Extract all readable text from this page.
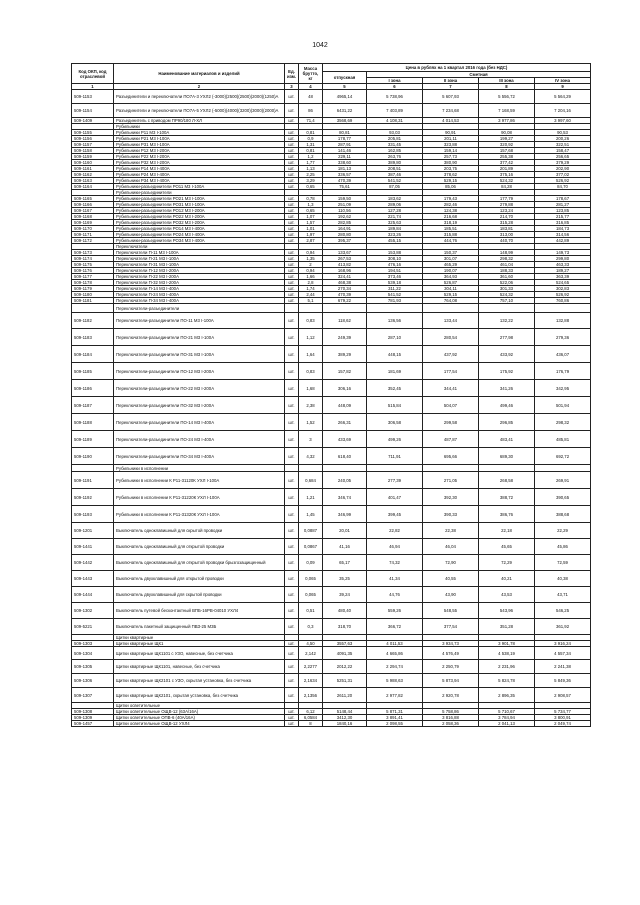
1042
Код ОКП, код отраслевой	Наименование материалов и изделий	Ед. изм.	Масса брутто, кг	Цена в рублях на 1 квартал 2016 года (без НДС)				
				отпускная	Сметная			
					I зона	II зона	III зона	IV зона
1	2	3	4	5	6	7	8	9
509-1153	Разъединители и переключатели ПО7А-3 УХЛ2 (-3000)(2500)(2500)(2000)(1250)А	шт.	48	4965,14	5 738,96	5 607,93	5 556,72	5 564,29
509-1154	Разъединители и переключатели ПО7А-5 УХЛ2 (-5000)(4000)(3200)(3000)(2000)А	шт.	86	6431,22	7 403,89	7 234,68	7 168,59	7 204,16
509-1409	Разъединитель с приводом ПР90/180 Л-ХЛ	шт.	71,4	3568,69	4 108,31	4 014,53	3 977,86	3 997,60
	Рубильники							
509-1155	Рубильники Р11 М3 I-100А	шт.	0,81	80,81	93,03	90,91	90,08	90,53
509-1156	Рубильники Р21 М3 I-100А	шт.	0,9	178,77	205,81	201,11	199,27	200,26
509-1157	Рубильники Р31 М3 I-100А	шт.	1,31	287,91	331,45	323,88	320,92	322,51
509-1158	Рубильники Р12 М3 I-200А	шт.	0,81	141,46	162,85	159,14	157,68	158,47
509-1159	Рубильники Р22 М3 I-200А	шт.	1,2	229,11	263,76	257,73	255,38	256,65
509-1160	Рубильники Р32 М3 I-200А	шт.	1,77	338,60	389,80	380,90	377,42	379,29
509-1161	Рубильники Р14 М3 I-400А	шт.	1,13	181,13	208,51	203,75	201,89	202,90
509-1162	Рубильники Р24 М3 I-400А	шт.	2,25	336,57	387,46	378,62	375,16	377,02
509-1163	Рубильники Р34 М3 I-400А	шт.	3,29	470,39	541,52	529,15	524,32	526,92
509-1164	Рубильники-разъединители РО11 М3 I-100А	шт.	0,65	75,61	87,05	85,06	84,28	84,70
	Рубильники-разъединители							
509-1165	Рубильники-разъединители РО21 М3 I-100А	шт.	0,78	159,50	183,62	179,43	177,79	178,67
509-1166	Рубильники-разъединители РО31 М3 I-100А	шт.	1,3	251,09	289,06	282,46	279,88	281,27
509-1167	Рубильники-разъединители РО12 М3 I-200А	шт.	0,65	110,56	127,28	124,38	123,24	123,85
509-1168	Рубильники-разъединители РО22 М3 I-200А	шт.	1,07	192,62	221,74	216,68	214,70	215,77
509-1169	Рубильники-разъединители РО32 М3 I-200А	шт.	1,57	282,85	325,63	318,19	315,28	316,85
509-1170	Рубильники-разъединители РО14 М3 I-400А	шт.	1,01	164,91	189,84	185,51	183,81	184,73
509-1171	Рубильники-разъединители РО24 М3 I-400А	шт.	1,97	280,80	323,26	315,88	313,00	314,56
509-1172	Рубильники-разъединители РО34 М3 I-400А	шт.	2,87	395,37	455,15	444,76	440,70	442,89
	Переключатели							
509-1173	Переключатели П-11 М3 I-100А	шт.	0,94	133,67	153,88	150,37	148,99	149,73
509-1174	Переключатели П-21 М3 I-100А	шт.	1,35	267,53	308,10	301,07	298,32	299,80
509-1175	Переключатели П-31 М3 I-100А	шт.	2	413,82	476,16	465,29	461,04	463,33
509-1176	Переключатели П-12 М3 I-200А	шт.	0,94	168,96	194,51	190,07	188,33	189,27
509-1177	Переключатели П-22 М3 I-200А	шт.	1,66	324,41	373,46	364,93	361,60	363,39
509-1178	Переключатели П-32 М3 I-200А	шт.	2,8	468,38	539,18	526,87	522,06	524,65
509-1179	Переключатели П-14 М3 I-400А	шт.	1,74	270,34	311,22	304,11	301,33	302,83
509-1180	Переключатели П-24 М3 I-400А	шт.	2,44	470,39	541,52	529,15	524,32	526,92
509-1181	Переключатели П-34 М3 I-400А	шт.	5,1	679,22	781,93	764,08	757,10	760,86
	Переключатели-разъединители							
509-1182	Переключатели-разъединители ПО-11 М3 I-100А	шт.	0,83	118,62	136,56	133,44	132,22	132,88
509-1183	Переключатели-разъединители ПО-21 М3 I-100А	шт.	1,12	249,39	287,10	280,54	277,98	279,36
509-1184	Переключатели-разъединители ПО-31 М3 I-100А	шт.	1,64	389,29	448,15	437,92	433,92	436,07
509-1185	Переключатели-разъединители ПО-12 М3 I-200А	шт.	0,83	157,82	181,69	177,54	175,92	176,79
509-1186	Переключатели-разъединители ПО-22 М3 I-200А	шт.	1,68	306,16	352,45	344,41	341,26	342,95
509-1187	Переключатели-разъединители ПО-32 М3 I-200А	шт.	2,38	448,09	515,84	504,07	499,46	501,94
509-1188	Переключатели-разъединители ПО-14 М3 I-400А	шт.	1,52	266,31	306,58	299,58	296,85	298,32
509-1189	Переключатели-разъединители ПО-24 М3 I-400А	шт.	3	433,69	499,26	487,87	483,41	485,81
509-1190	Переключатели-разъединители ПО-34 М3 I-400А	шт.	4,32	618,40	711,91	695,66	689,30	692,72
	Рубильники в исполнении							
509-1191	Рубильники в исполнении К Р11-31120К УХЛ I-100А	шт.	0,684	240,05	277,39	271,05	268,58	269,91
509-1192	Рубильники в исполнении К Р11-31220К УХЛ I-100А	шт.	1,21	346,74	401,47	392,30	388,72	390,65
509-1193	Рубильники в исполнении К Р11-31320К УХЛ I-100А	шт.	1,45	346,99	399,45	390,33	386,76	388,68
509-1201	Выключатель одноклавишный для скрытой проводки	шт.	0,0887	20,01	22,82	22,38	22,18	22,29
509-1441	Выключатель одноклавишный для открытой проводки	шт.	0,0867	41,16	46,94	46,04	45,65	45,86
509-1442	Выключатель одноклавишный для открытой проводки брызгозащищенный	шт.	0,09	65,17	74,32	72,90	72,29	72,59
509-1443	Выключатель двухклавишный для открытой проводки	шт.	0,065	35,25	41,34	40,55	40,21	40,38
509-1444	Выключатель двухклавишный для скрытой проводки	шт.	0,065	39,24	44,76	43,90	43,53	43,71
509-1302	Выключатель путевой бесконтактный ВПБ-16РВ-04010 УХЛ4	шт.	0,51	480,40	559,26	548,55	543,96	546,25
509-5221	Выключатель пакетный защищенный ПВЗ-25 М3Б	шт.	0,3	318,70	366,72	377,54	351,28	361,92
	Щитки квартирные							
509-1303	Щитки квартирные ЩК1	шт.	4,50	3557,63	4 011,53	3 934,73	3 901,78	3 916,24
509-1304	Щитки квартирные ЩК1101 с УЗО, навесные, без счетчика	шт.	2,142	4091,35	4 665,86	4 576,49	4 538,19	4 557,34
509-1305	Щитки квартирные ЩК1101, навесные, без счетчика	шт.	2,2277	2012,22	2 294,74	2 250,79	2 231,96	2 241,38
509-1306	Щитки квартирные ЩК2101 с УЗО, скрытая установка, без счетчика	шт.	2,1634	5251,31	5 988,63	5 873,94	5 824,78	5 849,36
509-1307	Щитки квартирные ЩК2101, скрытая установка, без счетчика	шт.	2,1356	2611,20	2 977,82	2 920,78	2 896,35	2 908,57
	Щитки осветительные							
509-1308	Щитки осветительные ОЩВ-12 (63А/16А)	шт.	6,12	5148,44	5 871,31	5 758,86	5 710,67	5 734,77
509-1309	Щитки осветительные ОПВ-6 (40А/16А)	шт.	6,0584	3412,30	3 891,41	3 816,88	3 784,94	3 800,91
509-1457	Щитки осветительные ОЩВ-12 УХЛ4	шт.	8	1840,16	2 098,55	2 058,36	2 041,13	2 049,74
